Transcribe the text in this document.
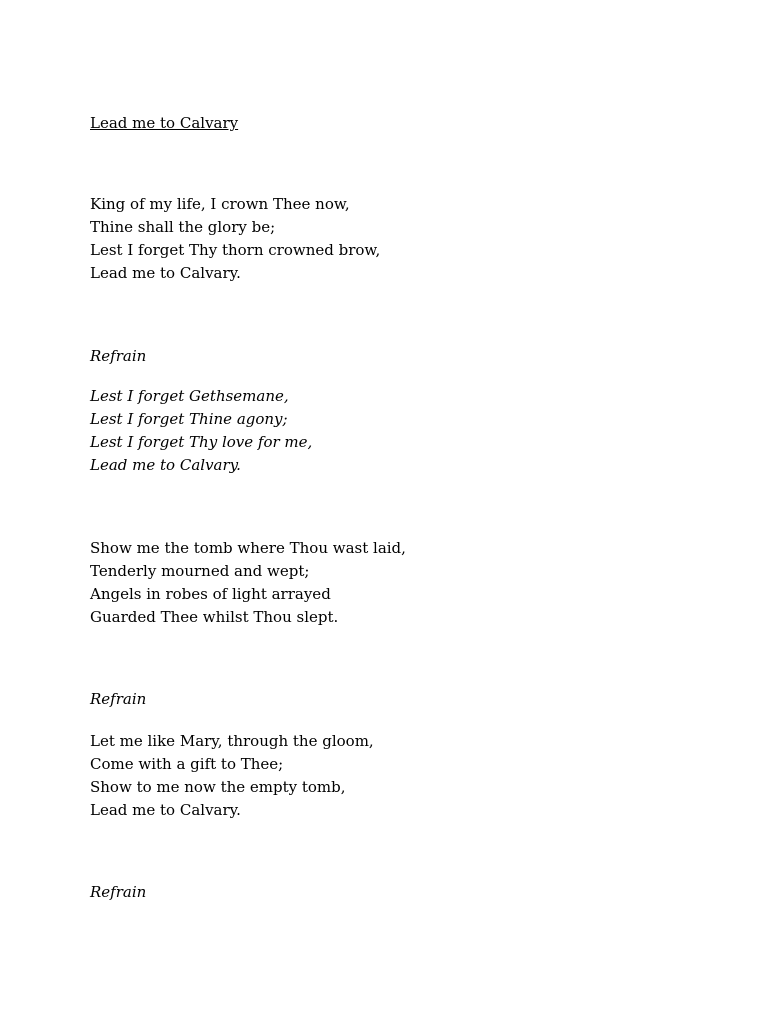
Lead me to Calvary
King of my life, I crown Thee now,
Thine shall the glory be;
Lest I forget Thy thorn crowned brow,
Lead me to Calvary.
Refrain
Lest I forget Gethsemane,
Lest I forget Thine agony;
Lest I forget Thy love for me,
Lead me to Calvary.
Show me the tomb where Thou wast laid,
Tenderly mourned and wept;
Angels in robes of light arrayed
Guarded Thee whilst Thou slept.
Refrain
Let me like Mary, through the gloom,
Come with a gift to Thee;
Show to me now the empty tomb,
Lead me to Calvary.
Refrain
